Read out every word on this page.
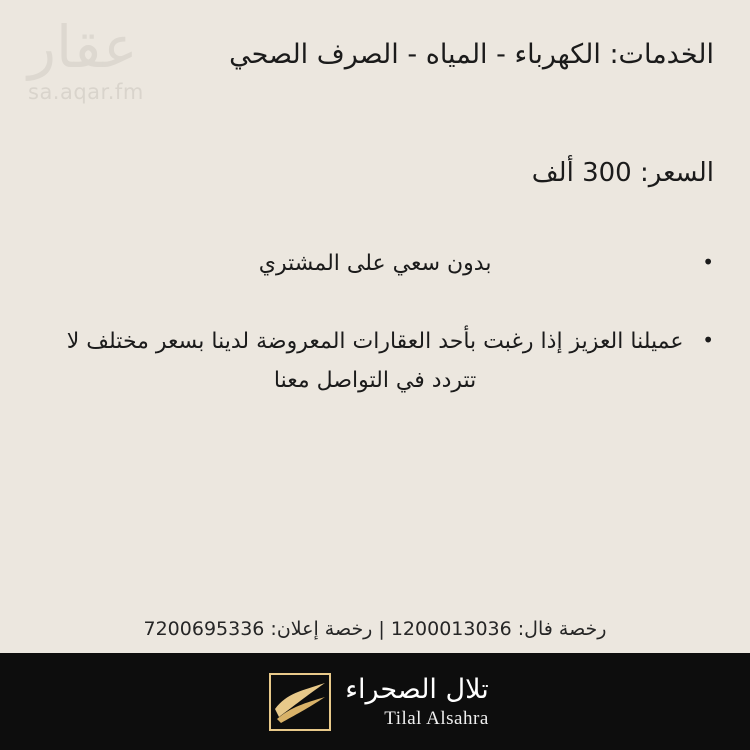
عقار
sa.aqar.fm
الخدمات: الكهرباء - المياه - الصرف الصحي
السعر: 300 ألف
•
بدون سعي على المشتري
•
عميلنا العزيز إذا رغبت بأحد العقارات المعروضة لدينا بسعر مختلف لا تتردد في التواصل معنا
رخصة فال: 1200013036 | رخصة إعلان: 7200695336
تلال الصحراء
Tilal Alsahra
